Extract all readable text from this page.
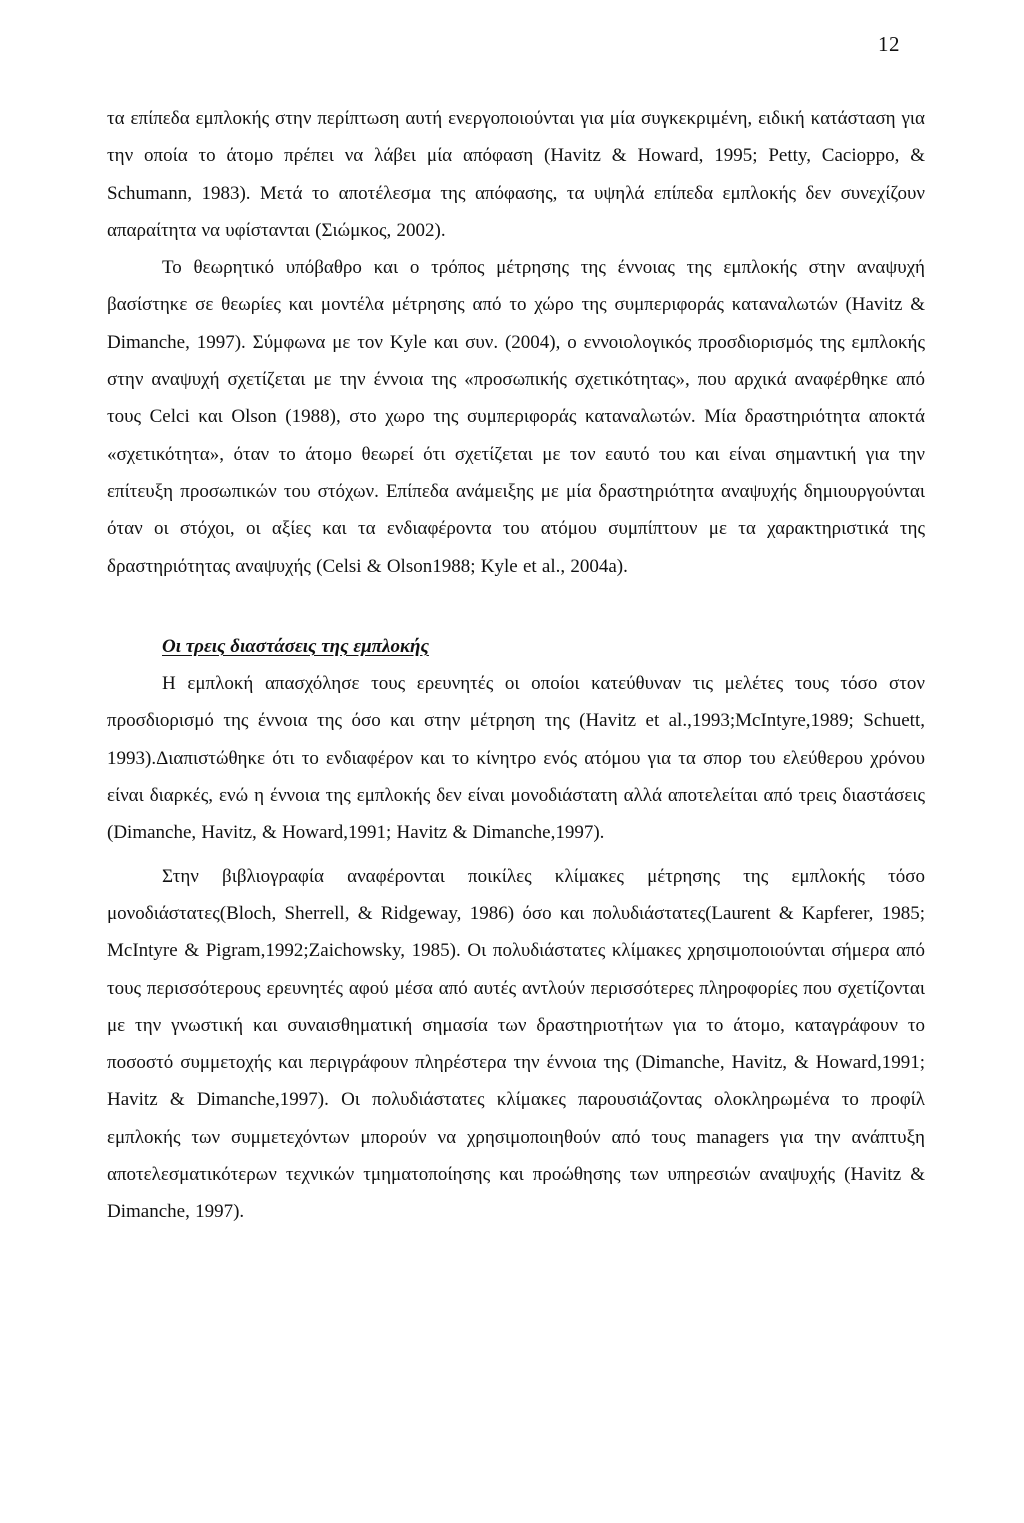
12

τα επίπεδα εμπλοκής στην περίπτωση αυτή ενεργοποιούνται για μία συγκεκριμένη, ειδική κατάσταση για την οποία το άτομο πρέπει να λάβει μία απόφαση (Havitz & Howard, 1995; Petty, Cacioppo, & Schumann, 1983). Μετά το αποτέλεσμα της απόφασης, τα υψηλά επίπεδα εμπλοκής δεν συνεχίζουν απαραίτητα να υφίστανται (Σιώμκος, 2002).

Το θεωρητικό υπόβαθρο και ο τρόπος μέτρησης της έννοιας της εμπλοκής στην αναψυχή βασίστηκε σε θεωρίες και μοντέλα μέτρησης από το χώρο της συμπεριφοράς καταναλωτών (Havitz & Dimanche, 1997). Σύμφωνα με τον Kyle και συν. (2004), ο εννοιολογικός προσδιορισμός της εμπλοκής στην αναψυχή σχετίζεται με την έννοια της «προσωπικής σχετικότητας», που αρχικά αναφέρθηκε από τους Celci και Olson (1988), στο χωρο της συμπεριφοράς καταναλωτών. Μία δραστηριότητα αποκτά «σχετικότητα», όταν το άτομο θεωρεί ότι σχετίζεται με τον εαυτό του και είναι σημαντική για την επίτευξη προσωπικών του στόχων. Επίπεδα ανάμειξης με μία δραστηριότητα αναψυχής δημιουργούνται όταν οι στόχοι, οι αξίες και τα ενδιαφέροντα του ατόμου συμπίπτουν με τα χαρακτηριστικά της δραστηριότητας αναψυχής (Celsi & Olson1988; Kyle et al., 2004a).

Οι τρεις διαστάσεις της εμπλοκής

Η εμπλοκή απασχόλησε τους ερευνητές οι οποίοι κατεύθυναν τις μελέτες τους τόσο στον προσδιορισμό της έννοια της όσο και στην μέτρηση της (Havitz et al.,1993;McIntyre,1989; Schuett, 1993).Διαπιστώθηκε ότι το ενδιαφέρον και το κίνητρο ενός ατόμου για τα σπορ του ελεύθερου χρόνου είναι διαρκές, ενώ η έννοια της εμπλοκής δεν είναι μονοδιάστατη αλλά αποτελείται από τρεις διαστάσεις (Dimanche, Havitz, & Howard,1991; Havitz & Dimanche,1997).

Στην βιβλιογραφία αναφέρονται ποικίλες κλίμακες μέτρησης της εμπλοκής τόσο μονοδιάστατες(Bloch, Sherrell, & Ridgeway, 1986) όσο και πολυδιάστατες(Laurent & Kapferer, 1985; McIntyre & Pigram,1992;Zaichowsky, 1985). Οι πολυδιάστατες κλίμακες χρησιμοποιούνται σήμερα από τους περισσότερους ερευνητές αφού μέσα από αυτές αντλούν περισσότερες πληροφορίες που σχετίζονται με την γνωστική και συναισθηματική σημασία των δραστηριοτήτων για το άτομο, καταγράφουν το ποσοστό συμμετοχής και περιγράφουν πληρέστερα την έννοια της (Dimanche, Havitz, & Howard,1991; Havitz & Dimanche,1997). Οι πολυδιάστατες κλίμακες παρουσιάζοντας ολοκληρωμένα το προφίλ εμπλοκής των συμμετεχόντων μπορούν να χρησιμοποιηθούν από τους managers για την ανάπτυξη αποτελεσματικότερων τεχνικών τμηματοποίησης και προώθησης των υπηρεσιών αναψυχής (Havitz & Dimanche, 1997).
